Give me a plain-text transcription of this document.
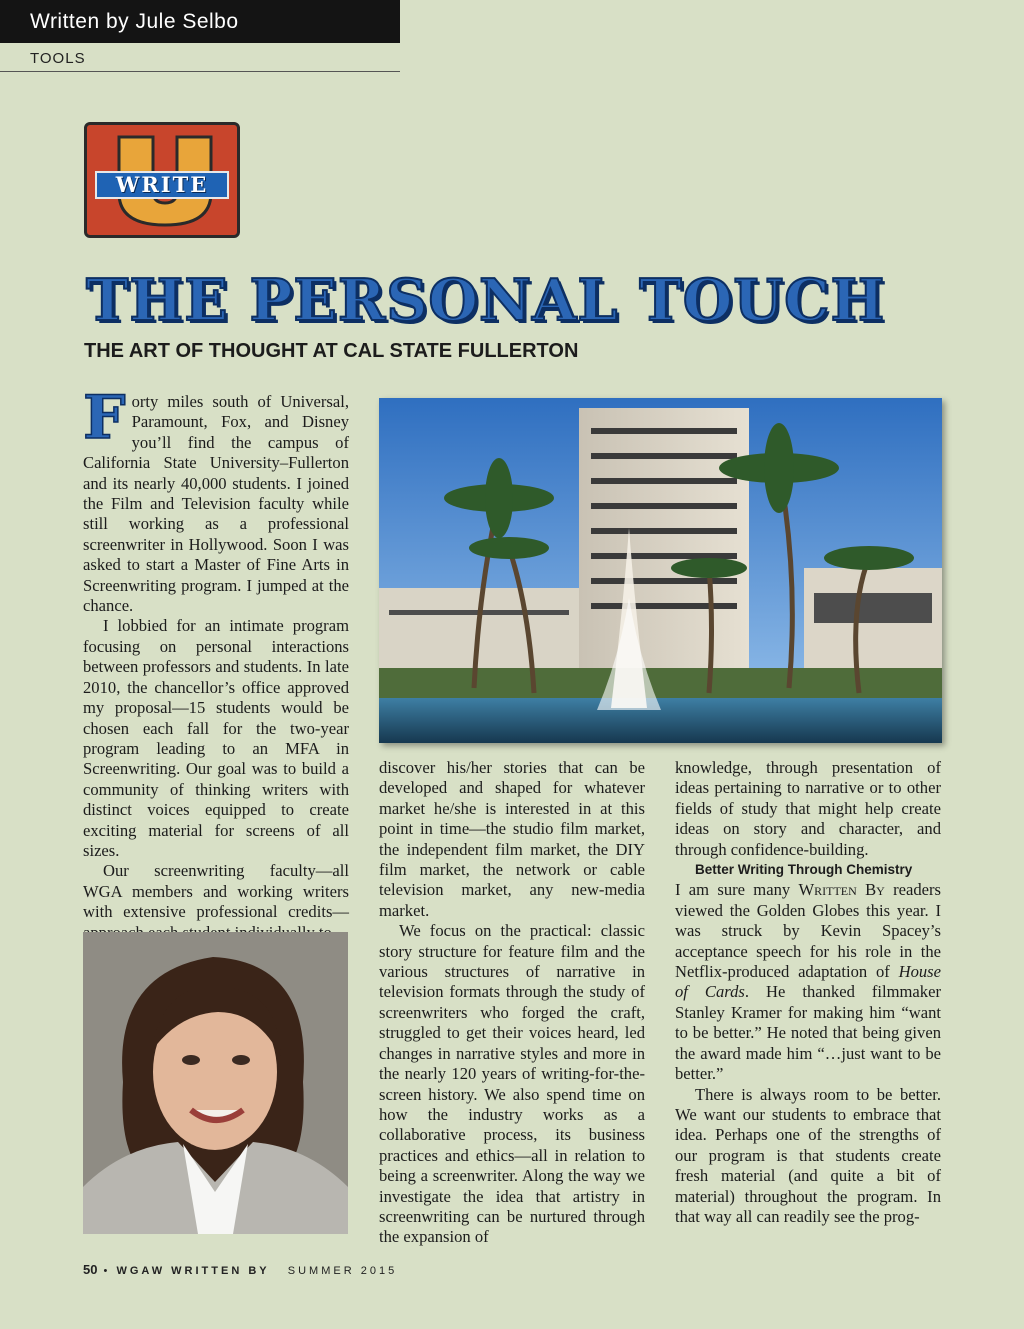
Written by Jule Selbo
TOOLS
WRITE
THE PERSONAL TOUCH
THE ART OF THOUGHT AT CAL STATE FULLERTON

Forty miles south of Universal, Paramount, Fox, and Disney you’ll find the campus of California State University–Fullerton and its nearly 40,000 students. I joined the Film and Television faculty while still working as a professional screenwriter in Hollywood. Soon I was asked to start a Master of Fine Arts in Screenwriting program. I jumped at the chance.

I lobbied for an intimate program focusing on personal interactions between professors and students. In late 2010, the chancellor’s office approved my proposal—15 students would be chosen each fall for the two-year program leading to an MFA in Screenwriting. Our goal was to build a community of thinking writers with distinct voices equipped to create exciting material for screens of all sizes.

Our screenwriting faculty—all WGA members and working writers with extensive professional credits—

discover his/her stories that can be developed and shaped for whatever market he/she is interested in at this point in time—the studio film market, the independent film market, the DIY film market, the network or cable television market, any new-media market.

We focus on the practical: classic story structure for feature film and the various structures of narrative in television formats through the study of screenwriters who forged the craft, struggled to get their voices heard, led changes in narrative styles and more in the nearly 120 years of writing-for-the-screen history. We also spend time on how the industry works as a collaborative process, its business practices and ethics—all in relation to being a screenwriter. Along the way we investigate the idea that artistry in screenwriting can be nurtured through the expansion of

knowledge, through presentation of ideas pertaining to narrative or to other fields of study that might help create ideas on story and character, and through confidence-building.

Better Writing Through Chemistry

I am sure many Written By readers viewed the Golden Globes this year. I was struck by Kevin Spacey’s acceptance speech for his role in the Netflix-produced adaptation of House of Cards. He thanked filmmaker Stanley Kramer for making him “want to be better.” He noted that being given the award made him “…just want to be better.”

There is always room to be better. We want our students to embrace that idea. Perhaps one of the strengths of our program is that students create fresh material (and quite a bit of material) throughout the program. In that way all can readily see the prog-

50 • WGAW WRITTEN BY SUMMER 2015
